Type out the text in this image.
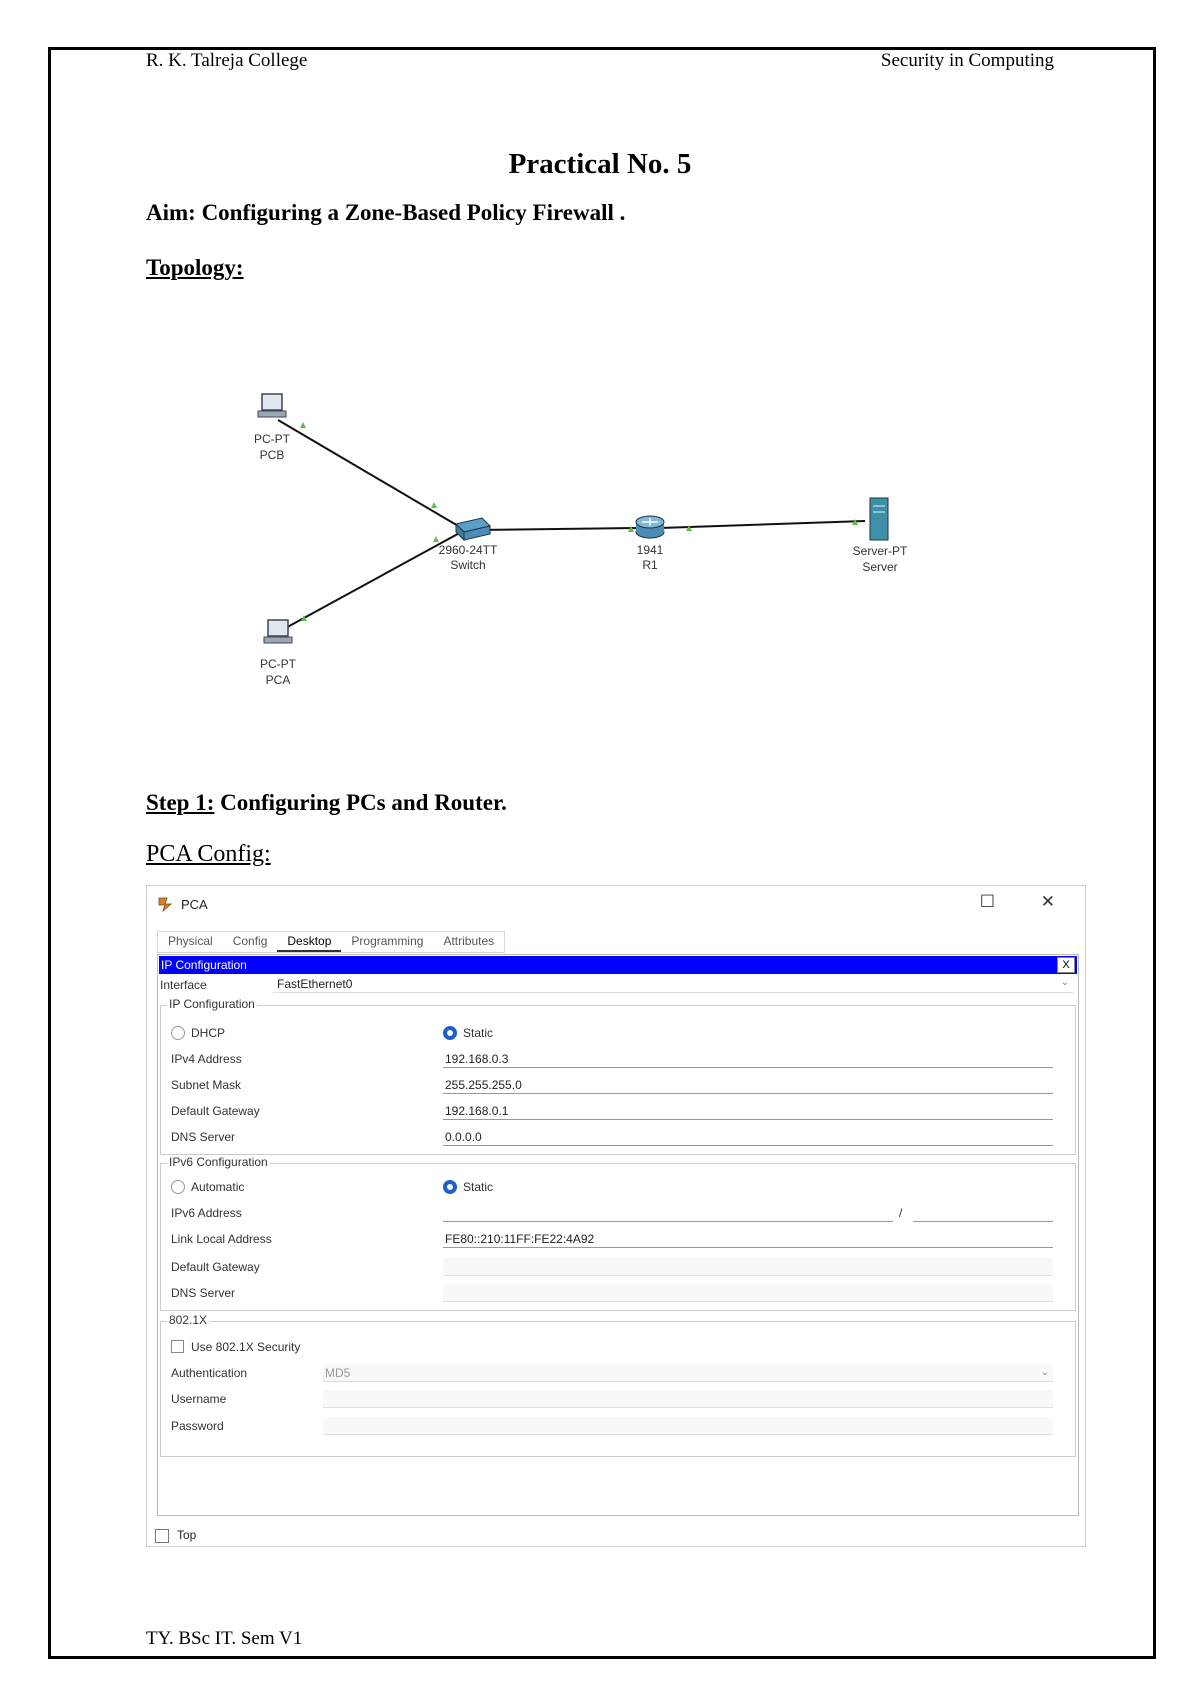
R. K. Talreja College	Security in Computing
Practical No. 5
Aim: Configuring a Zone-Based Policy Firewall .
Topology:
PC-PT
PCB
PC-PT
PCA
2960-24TT
Switch
1941
R1
Server-PT
Server
Step 1: Configuring PCs and Router.
PCA Config:
PCA	☐	✕
Physical	Config	Desktop	Programming	Attributes
IP Configuration	X
Interface	FastEthernet0	⌄
IP Configuration
DHCP	Static
IPv4 Address	192.168.0.3
Subnet Mask	255.255.255.0
Default Gateway	192.168.0.1
DNS Server	0.0.0.0
IPv6 Configuration
Automatic	Static
IPv6 Address	/
Link Local Address	FE80::210:11FF:FE22:4A92
Default Gateway
DNS Server
802.1X
Use 802.1X Security
Authentication	MD5	⌄
Username
Password
Top
TY. BSc IT. Sem V1
